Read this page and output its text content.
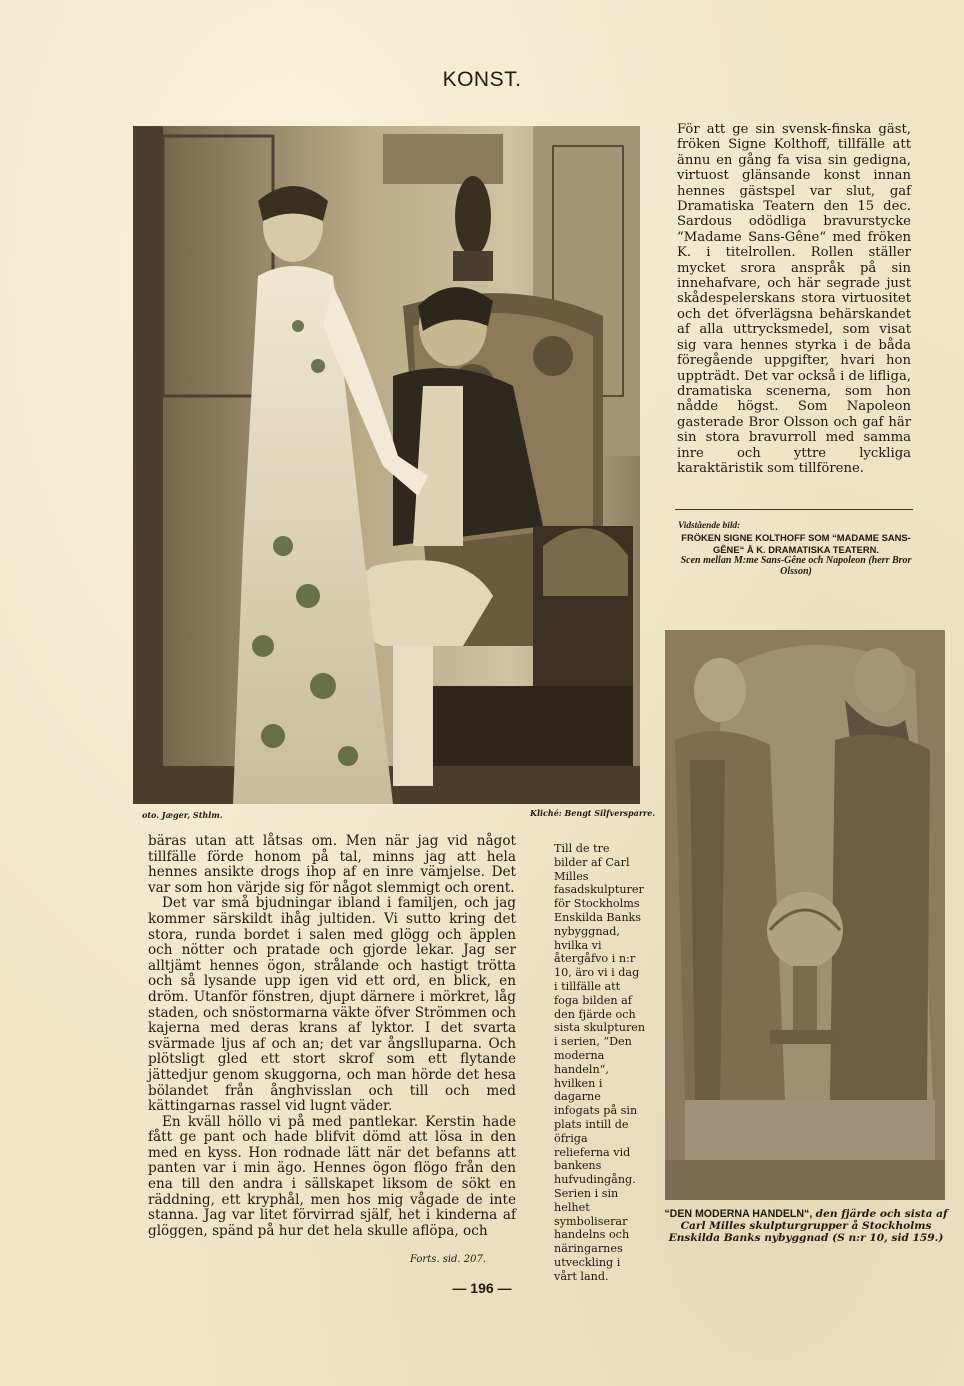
KONST.
oto. Jæger, Sthlm.	Kliché: Bengt Silfversparre.

För att ge sin svensk-finska gäst, fröken Signe Kolthoff, tillfälle att ännu en gång fa visa sin gedigna, virtuost glänsande konst innan hennes gästspel var slut, gaf Dramatiska Teatern den 15 dec. Sardous odödliga bravurstycke “Madame Sans-Gêne“ med fröken K. i titelrollen. Rollen ställer mycket srora anspråk på sin innehafvare, och här segrade just skådespelerskans stora virtuositet och det öfverlägsna behärskandet af alla uttrycksmedel, som visat sig vara hennes styrka i de båda föregående uppgifter, hvari hon uppträdt. Det var också i de lifliga, dramatiska scenerna, som hon nådde högst. Som Napoleon gasterade Bror Olsson och gaf här sin stora bravurroll med samma inre och yttre lyckliga karaktäristik som tillförene.

Vidstående bild:
FRÖKEN SIGNE KOLTHOFF SOM “MADAME SANS-GÊNE“ Å K. DRAMATISKA TEATERN.
Scen mellan M:me Sans-Gêne och Napoleon (herr Bror Olsson)

bäras utan att låtsas om. Men när jag vid något tillfälle förde honom på tal, minns jag att hela hennes ansikte drogs ihop af en inre vämjelse. Det var som hon värjde sig för något slemmigt och orent.

Det var små bjudningar ibland i familjen, och jag kommer särskildt ihåg jultiden. Vi sutto kring det stora, runda bordet i salen med glögg och äpplen och nötter och pratade och gjorde lekar. Jag ser alltjämt hennes ögon, strålande och hastigt trötta och så lysande upp igen vid ett ord, en blick, en dröm. Utanför fönstren, djupt därnere i mörkret, låg staden, och snöstormarna väkte öfver Strömmen och kajerna med deras krans af lyktor. I det svarta svärmade ljus af och an; det var ångslluparna. Och plötsligt gled ett stort skrof som ett flytande jättedjur genom skuggorna, och man hörde det hesa bölandet från ånghvisslan och till och med kättingarnas rassel vid lugnt väder.

En kväll höllo vi på med pantlekar. Kerstin hade fått ge pant och hade blifvit dömd att lösa in den med en kyss. Hon rodnade lätt när det befanns att panten var i min ägo. Hennes ögon flögo från den ena till den andra i sällskapet liksom de sökt en räddning, ett kryphål, men hos mig vågade de inte stanna. Jag var litet förvirrad själf, het i kinderna af glöggen, spänd på hur det hela skulle aflöpa, och

Forts. sid. 207.
Till de tre bilder af Carl Milles fasadskulpturer för Stockholms Enskilda Banks nybyggnad, hvilka vi återgåfvo i n:r 10, äro vi i dag i tillfälle att foga bilden af den fjärde och sista skulpturen i serien, “Den moderna handeln“, hvilken i dagarne infogats på sin plats intill de öfriga relieferna vid bankens hufvudingång. Serien i sin helhet symboliserar handelns och näringarnes utveckling i vårt land.
“DEN MODERNA HANDELN“, den fjärde och sista af Carl Milles skulpturgrupper å Stockholms Enskilda Banks nybyggnad (S n:r 10, sid 159.)
— 196 —
